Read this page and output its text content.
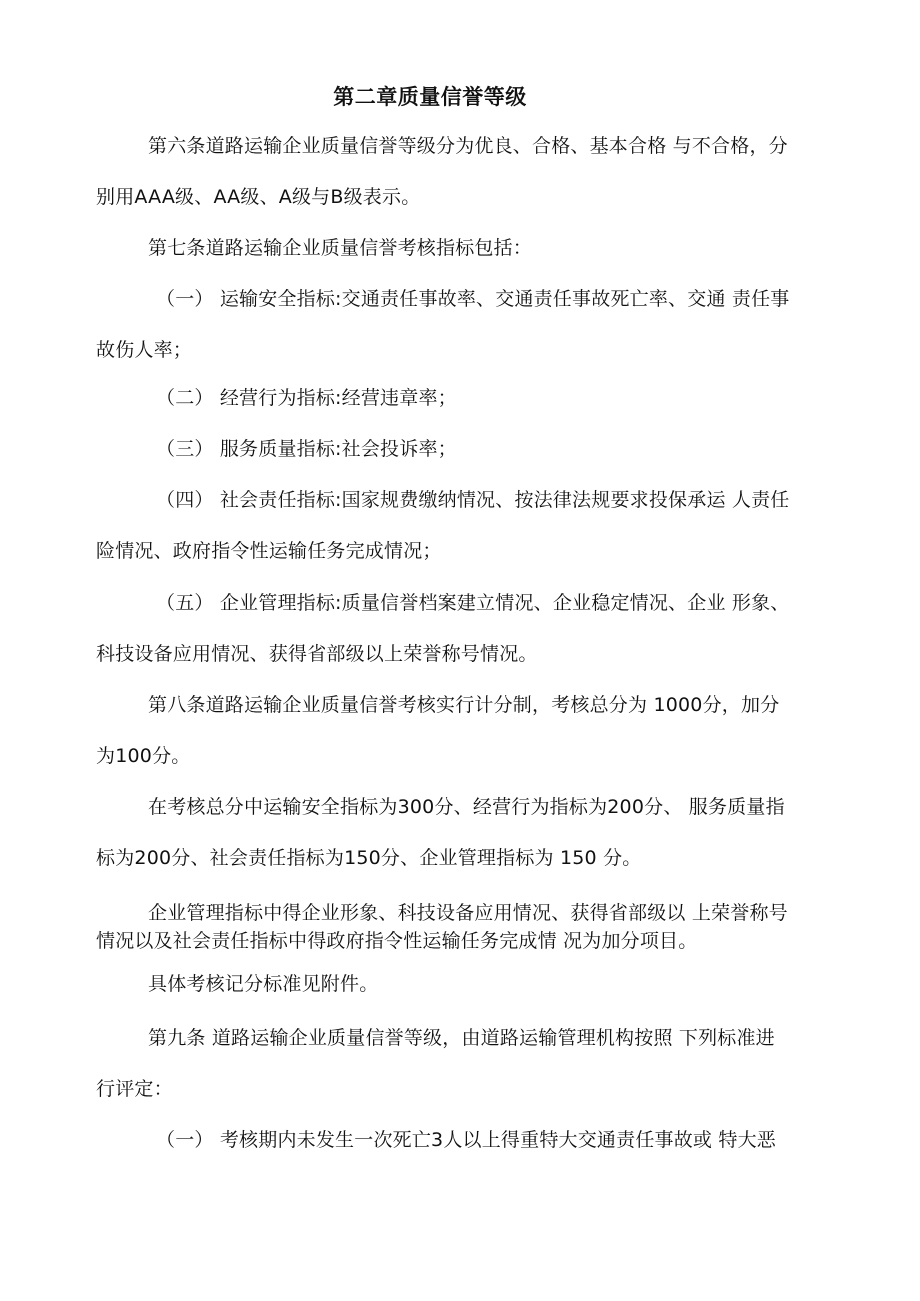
第二章质量信誉等级
第六条道路运输企业质量信誉等级分为优良、合格、基本合格 与不合格，分
别用AAA级、AA级、A级与B级表示。
第七条道路运输企业质量信誉考核指标包括：
（一） 运输安全指标:交通责任事故率、交通责任事故死亡率、交通 责任事
故伤人率；
（二） 经营行为指标:经营违章率；
（三） 服务质量指标:社会投诉率；
（四） 社会责任指标:国家规费缴纳情况、按法律法规要求投保承运 人责任
险情况、政府指令性运输任务完成情况；
（五） 企业管理指标:质量信誉档案建立情况、企业稳定情况、企业 形象、
科技设备应用情况、获得省部级以上荣誉称号情况。
第八条道路运输企业质量信誉考核实行计分制，考核总分为 1000分，加分
为100分。
在考核总分中运输安全指标为300分、经营行为指标为200分、 服务质量指
标为200分、社会责任指标为150分、企业管理指标为 150 分。
企业管理指标中得企业形象、科技设备应用情况、获得省部级以 上荣誉称号
情况以及社会责任指标中得政府指令性运输任务完成情 况为加分项目。
具体考核记分标准见附件。
第九条 道路运输企业质量信誉等级，由道路运输管理机构按照 下列标准进
行评定：
（一） 考核期内未发生一次死亡3人以上得重特大交通责任事故或 特大恶
